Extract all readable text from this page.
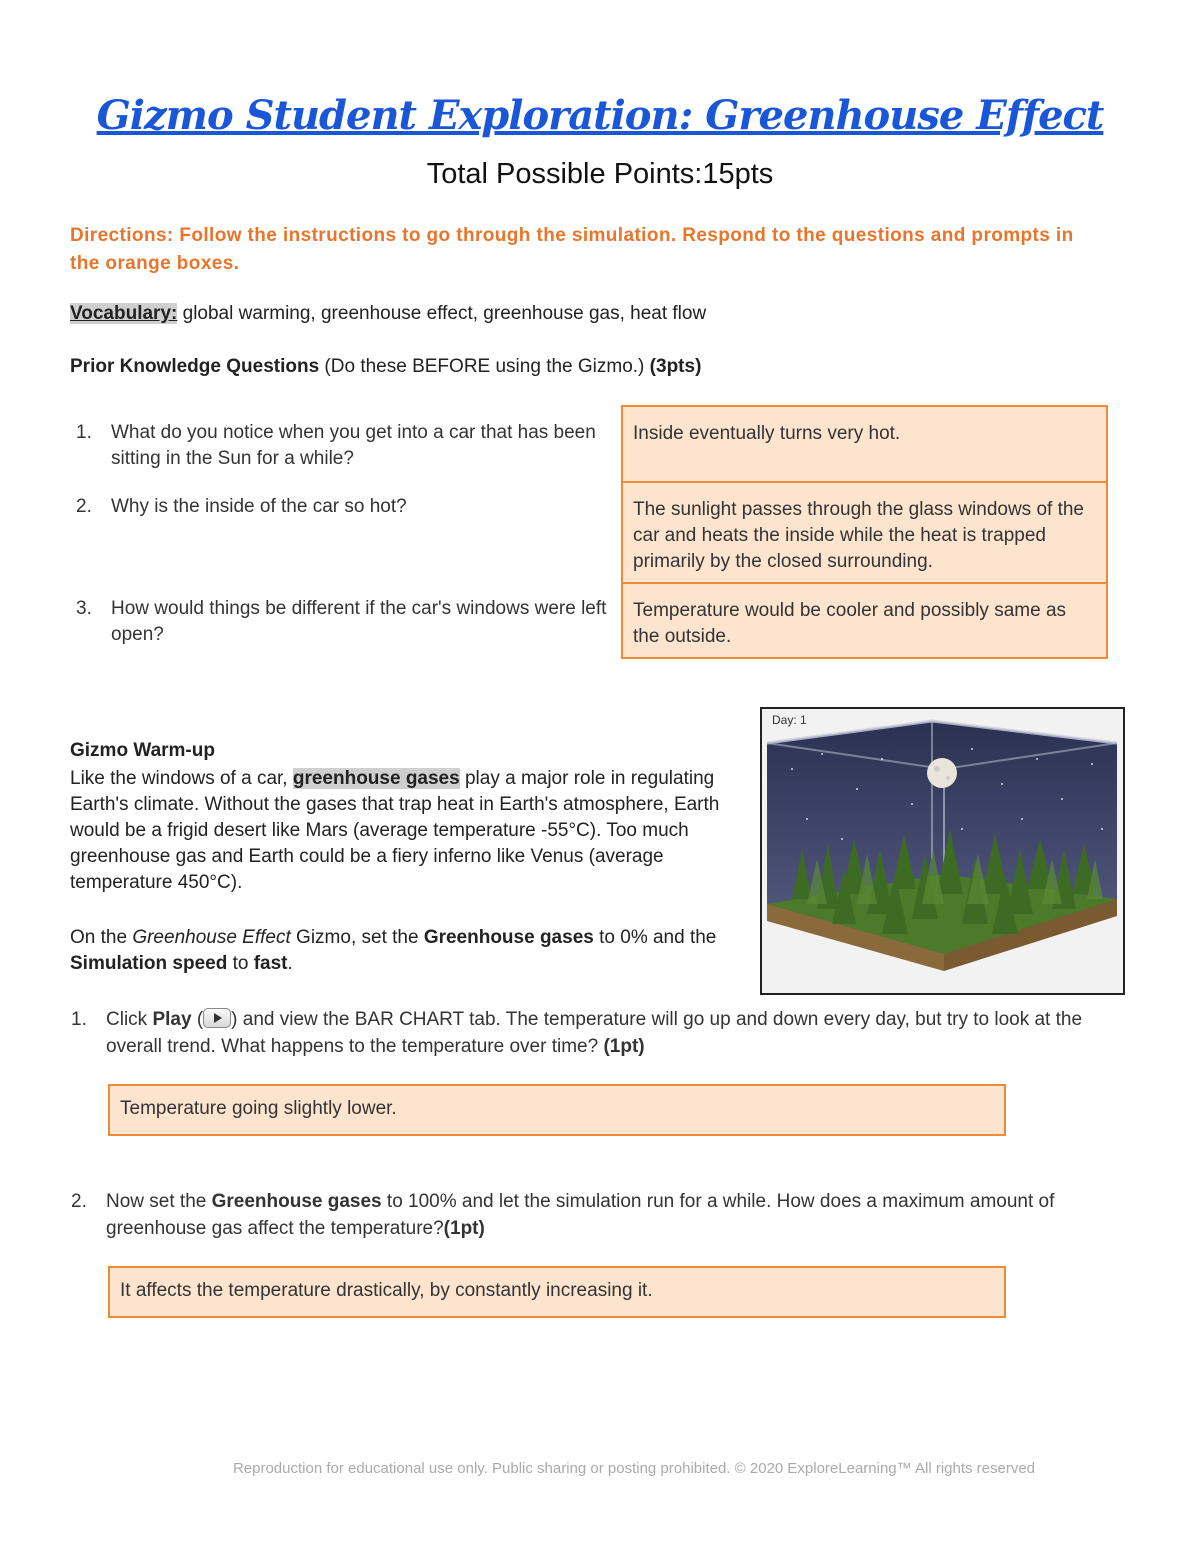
Gizmo Student Exploration: Greenhouse Effect
Total Possible Points:15pts
Directions: Follow the instructions to go through the simulation. Respond to the questions and prompts in the orange boxes.
Vocabulary: global warming, greenhouse effect, greenhouse gas, heat flow
Prior Knowledge Questions (Do these BEFORE using the Gizmo.) (3pts)
1. What do you notice when you get into a car that has been sitting in the Sun for a while?
2. Why is the inside of the car so hot?
3. How would things be different if the car's windows were left open?
Inside eventually turns very hot.
The sunlight passes through the glass windows of the car and heats the inside while the heat is trapped primarily by the closed surrounding.
Temperature would be cooler and possibly same as the outside.
Day: 1
Gizmo Warm-up
Like the windows of a car, greenhouse gases play a major role in regulating Earth's climate. Without the gases that trap heat in Earth's atmosphere, Earth would be a frigid desert like Mars (average temperature -55°C). Too much greenhouse gas and Earth could be a fiery inferno like Venus (average temperature 450°C).
On the Greenhouse Effect Gizmo, set the Greenhouse gases to 0% and the Simulation speed to fast.
1. Click Play ( ) and view the BAR CHART tab. The temperature will go up and down every day, but try to look at the overall trend. What happens to the temperature over time? (1pt)
Temperature going slightly lower.
2. Now set the Greenhouse gases to 100% and let the simulation run for a while. How does a maximum amount of greenhouse gas affect the temperature?(1pt)
It affects the temperature drastically, by constantly increasing it.
Reproduction for educational use only. Public sharing or posting prohibited. © 2020 ExploreLearning™ All rights reserved
